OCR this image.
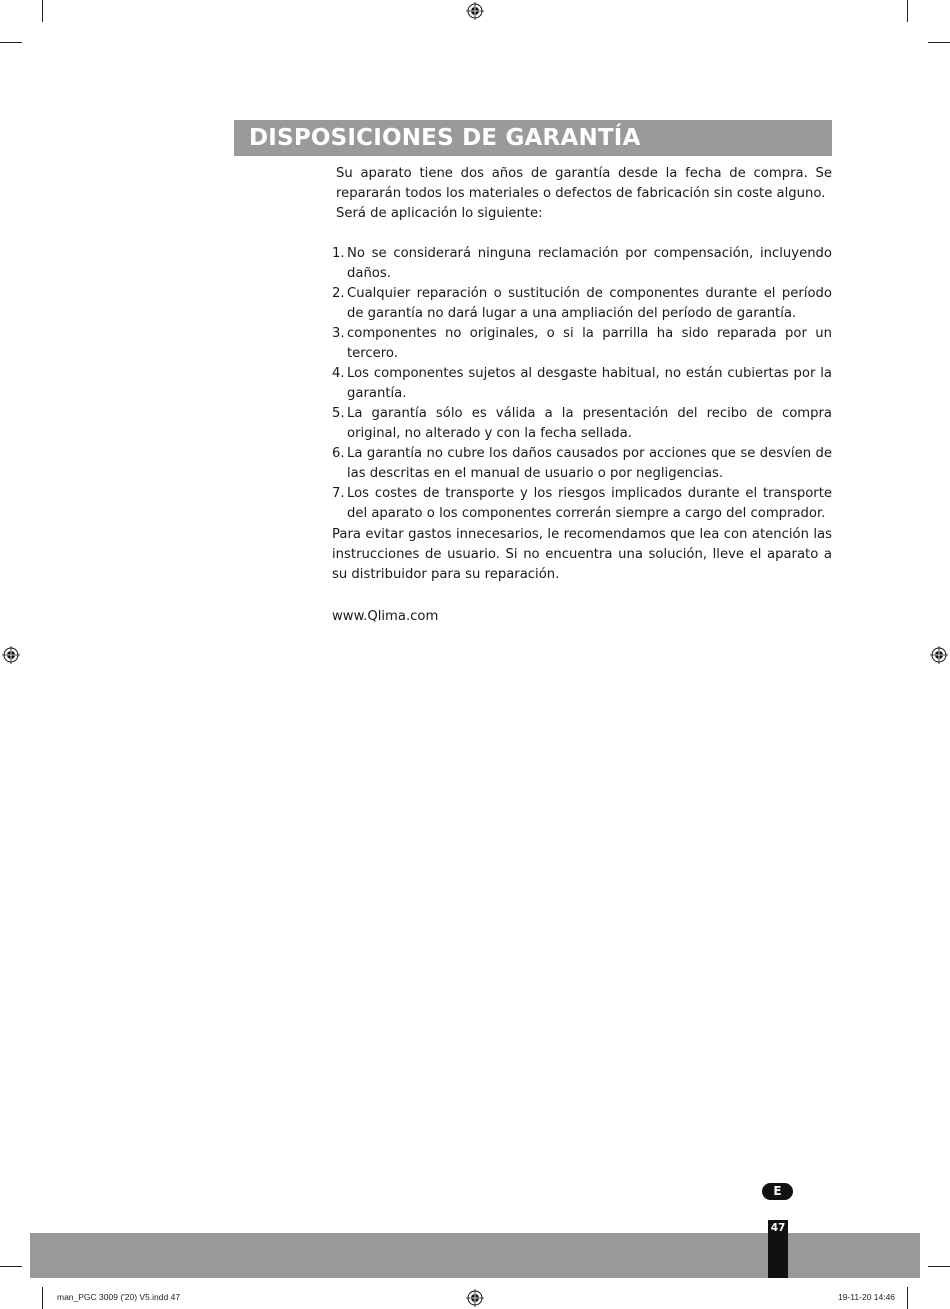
DISPOSICIONES DE GARANTÍA

Su aparato tiene dos años de garantía desde la fecha de compra. Se repararán todos los materiales o defectos de fabricación sin coste alguno.

Será de aplicación lo siguiente:

1. No se considerará ninguna reclamación por compensación, incluyendo daños.
2. Cualquier reparación o sustitución de componentes durante el período de garantía no dará lugar a una ampliación del período de garantía.
3. componentes no originales, o si la parrilla ha sido reparada por un tercero.
4. Los componentes sujetos al desgaste habitual, no están cubiertas por la garantía.
5. La garantía sólo es válida a la presentación del recibo de compra original, no alterado y con la fecha sellada.
6. La garantía no cubre los daños causados por acciones que se desvíen de las descritas en el manual de usuario o por negligencias.
7. Los costes de transporte y los riesgos implicados durante el transporte del aparato o los componentes correrán siempre a cargo del comprador.

Para evitar gastos innecesarios, le recomendamos que lea con atención las instrucciones de usuario. Si no encuentra una solución, lleve el aparato a su distribuidor para su reparación.

www.Qlima.com

E
47
man_PGC 3009 ('20) V5.indd 47	19-11-20 14:46
